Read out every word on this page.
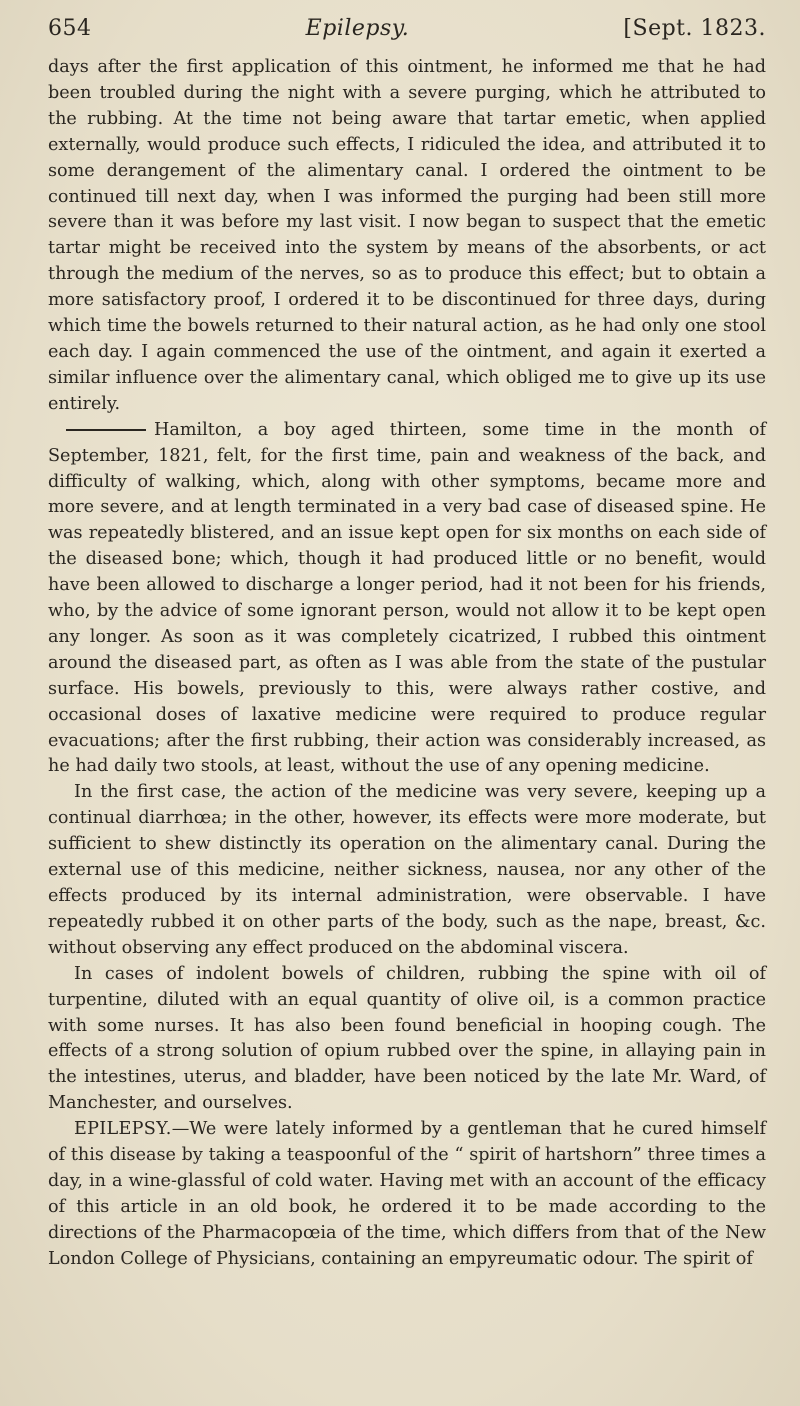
654	Epilepsy.	[Sept. 1823.

days after the first application of this ointment, he informed me that he had been troubled during the night with a severe purging, which he attributed to the rubbing. At the time not being aware that tartar emetic, when applied externally, would produce such effects, I ridiculed the idea, and attributed it to some derangement of the alimentary canal. I ordered the ointment to be continued till next day, when I was informed the purging had been still more severe than it was before my last visit. I now began to suspect that the emetic tartar might be received into the system by means of the absorbents, or act through the medium of the nerves, so as to produce this effect; but to obtain a more satisfactory proof, I ordered it to be discontinued for three days, during which time the bowels returned to their natural action, as he had only one stool each day. I again commenced the use of the ointment, and again it exerted a similar influence over the alimentary canal, which obliged me to give up its use entirely.

Hamilton, a boy aged thirteen, some time in the month of September, 1821, felt, for the first time, pain and weakness of the back, and difficulty of walking, which, along with other symptoms, became more and more severe, and at length terminated in a very bad case of diseased spine. He was repeatedly blistered, and an issue kept open for six months on each side of the diseased bone; which, though it had produced little or no benefit, would have been allowed to discharge a longer period, had it not been for his friends, who, by the advice of some ignorant person, would not allow it to be kept open any longer. As soon as it was completely cicatrized, I rubbed this ointment around the diseased part, as often as I was able from the state of the pustular surface. His bowels, previously to this, were always rather costive, and occasional doses of laxative medicine were required to produce regular evacuations; after the first rubbing, their action was considerably increased, as he had daily two stools, at least, without the use of any opening medicine.

In the first case, the action of the medicine was very severe, keeping up a continual diarrhœa; in the other, however, its effects were more moderate, but sufficient to shew distinctly its operation on the alimentary canal. During the external use of this medicine, neither sickness, nausea, nor any other of the effects produced by its internal administration, were observable. I have repeatedly rubbed it on other parts of the body, such as the nape, breast, &c. without observing any effect produced on the abdominal viscera.

In cases of indolent bowels of children, rubbing the spine with oil of turpentine, diluted with an equal quantity of olive oil, is a common practice with some nurses. It has also been found beneficial in hooping cough. The effects of a strong solution of opium rubbed over the spine, in allaying pain in the intestines, uterus, and bladder, have been noticed by the late Mr. Ward, of Manchester, and ourselves.

EPILEPSY.—We were lately informed by a gentleman that he cured himself of this disease by taking a teaspoonful of the “ spirit of hartshorn” three times a day, in a wine-glassful of cold water. Having met with an account of the efficacy of this article in an old book, he ordered it to be made according to the directions of the Pharmacopœia of the time, which differs from that of the New London College of Physicians, containing an empyreumatic odour. The spirit of
